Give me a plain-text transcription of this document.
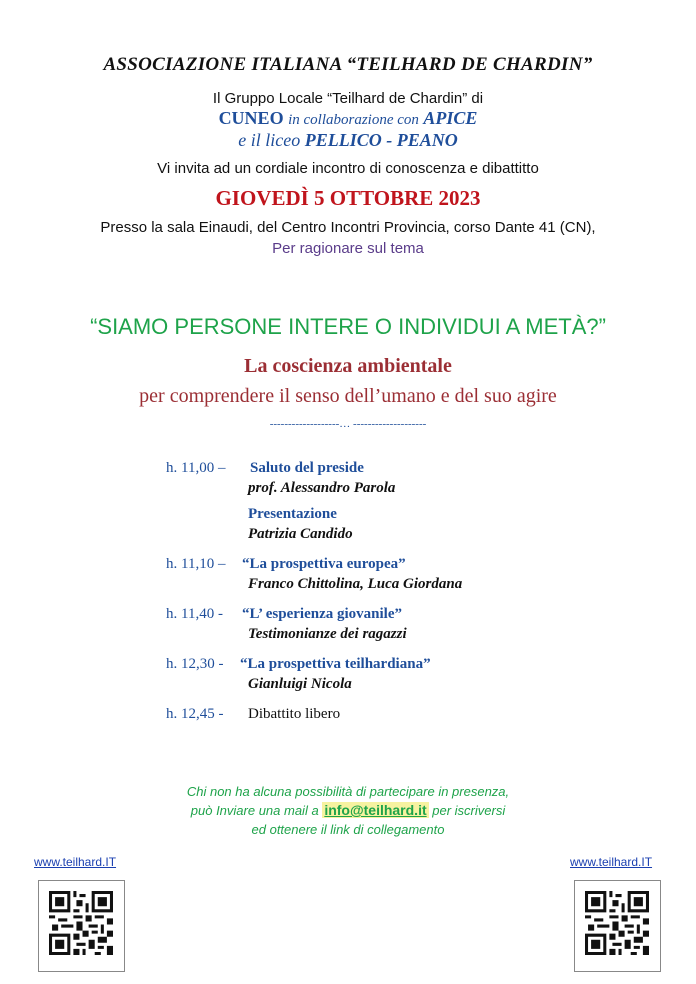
ASSOCIAZIONE ITALIANA “TEILHARD DE CHARDIN”
Il Gruppo Locale “Teilhard de Chardin” di
CUNEO in collaborazione con APICE
e il liceo PELLICO - PEANO
Vi invita ad un cordiale incontro di conoscenza e dibattitto
GIOVEDÌ 5 OTTOBRE 2023
Presso la sala Einaudi, del Centro Incontri Provincia, corso Dante 41 (CN),
Per ragionare sul tema
“SIAMO PERSONE INTERE O INDIVIDUI A METÀ?”
La coscienza ambientale
per comprendere il senso dell’umano e del suo agire
-------------------… --------------------
h. 11,00 – Saluto del preside
prof. Alessandro Parola
Presentazione
Patrizia Candido
h. 11,10 – “La prospettiva europea”
Franco Chittolina, Luca Giordana
h. 11,40 - “L’ esperienza giovanile”
Testimonianze dei ragazzi
h. 12,30 - “La prospettiva teilhardiana”
Gianluigi Nicola
h. 12,45 - Dibattito libero
Chi non ha alcuna possibilità di partecipare in presenza,
può Inviare una mail a info@teilhard.it per iscriversi
ed ottenere il link di collegamento
www.teilhard.IT	www.teilhard.IT
